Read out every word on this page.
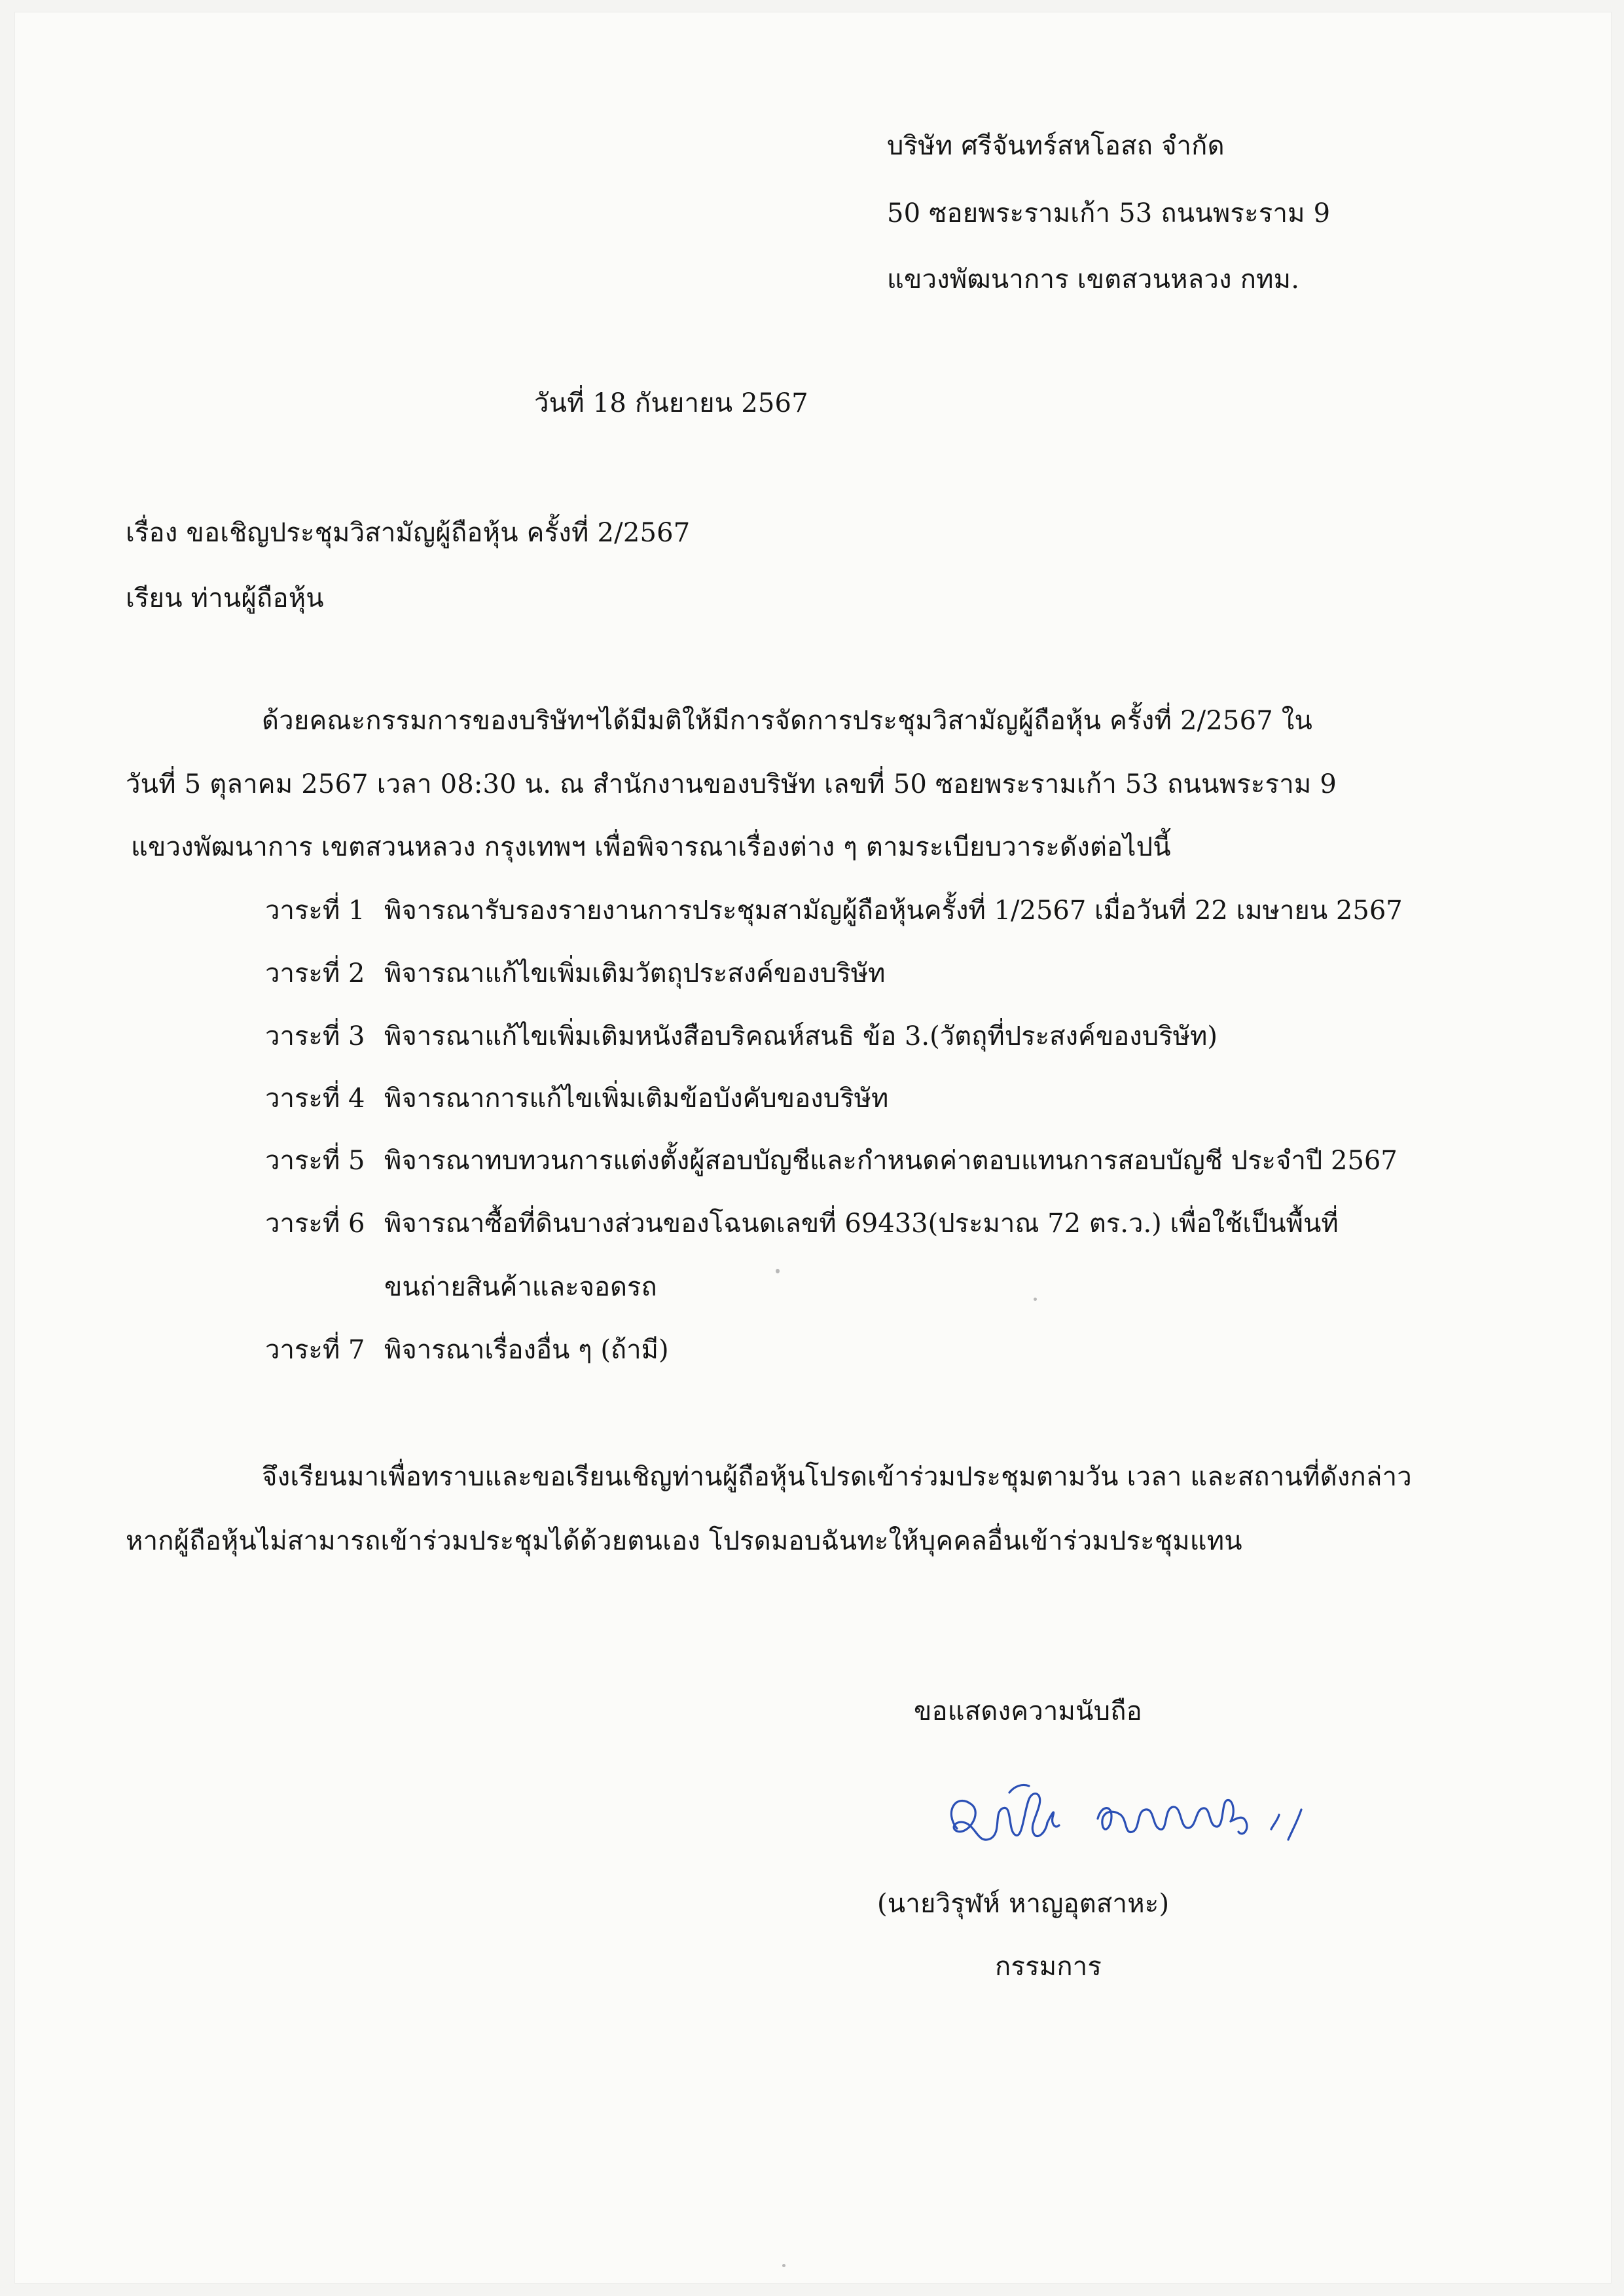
บริษัท ศรีจันทร์สหโอสถ จำกัด
50 ซอยพระรามเก้า 53 ถนนพระราม 9
แขวงพัฒนาการ เขตสวนหลวง กทม.
วันที่ 18 กันยายน 2567
เรื่อง ขอเชิญประชุมวิสามัญผู้ถือหุ้น ครั้งที่ 2/2567
เรียน ท่านผู้ถือหุ้น
ด้วยคณะกรรมการของบริษัทฯได้มีมติให้มีการจัดการประชุมวิสามัญผู้ถือหุ้น ครั้งที่ 2/2567 ใน
วันที่ 5 ตุลาคม 2567 เวลา 08:30 น. ณ สำนักงานของบริษัท เลขที่ 50 ซอยพระรามเก้า 53 ถนนพระราม 9
แขวงพัฒนาการ เขตสวนหลวง กรุงเทพฯ เพื่อพิจารณาเรื่องต่าง ๆ ตามระเบียบวาระดังต่อไปนี้
วาระที่ 1 พิจารณารับรองรายงานการประชุมสามัญผู้ถือหุ้นครั้งที่ 1/2567 เมื่อวันที่ 22 เมษายน 2567
วาระที่ 2 พิจารณาแก้ไขเพิ่มเติมวัตถุประสงค์ของบริษัท
วาระที่ 3 พิจารณาแก้ไขเพิ่มเติมหนังสือบริคณห์สนธิ ข้อ 3.(วัตถุที่ประสงค์ของบริษัท)
วาระที่ 4 พิจารณาการแก้ไขเพิ่มเติมข้อบังคับของบริษัท
วาระที่ 5 พิจารณาทบทวนการแต่งตั้งผู้สอบบัญชีและกำหนดค่าตอบแทนการสอบบัญชี ประจำปี 2567
วาระที่ 6 พิจารณาซื้อที่ดินบางส่วนของโฉนดเลขที่ 69433(ประมาณ 72 ตร.ว.) เพื่อใช้เป็นพื้นที่
ขนถ่ายสินค้าและจอดรถ
วาระที่ 7 พิจารณาเรื่องอื่น ๆ (ถ้ามี)
จึงเรียนมาเพื่อทราบและขอเรียนเชิญท่านผู้ถือหุ้นโปรดเข้าร่วมประชุมตามวัน เวลา และสถานที่ดังกล่าว
หากผู้ถือหุ้นไม่สามารถเข้าร่วมประชุมได้ด้วยตนเอง โปรดมอบฉันทะให้บุคคลอื่นเข้าร่วมประชุมแทน
ขอแสดงความนับถือ
(นายวิรุฬห์ หาญอุตสาหะ)
กรรมการ
